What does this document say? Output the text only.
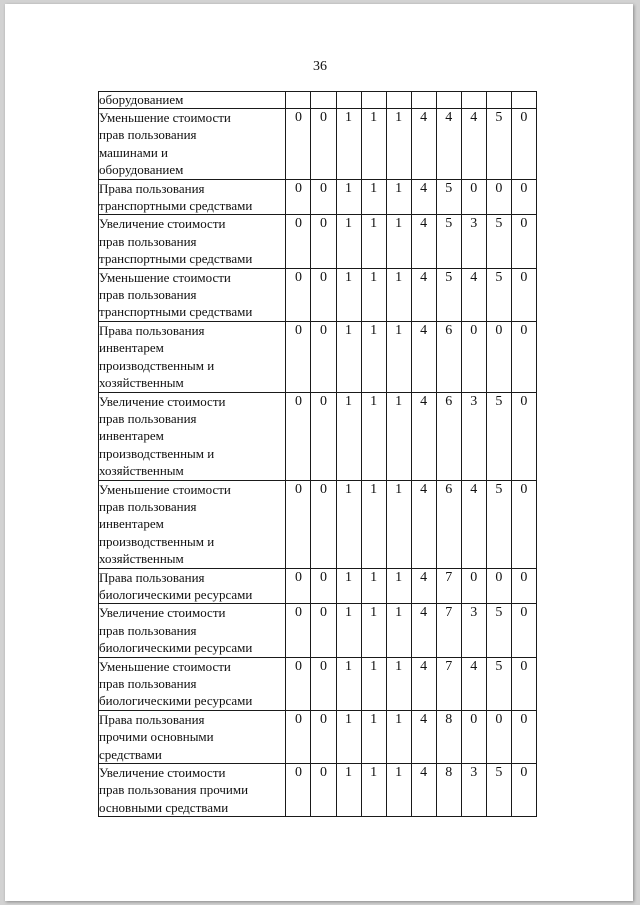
36
оборудованием										

Уменьшение стоимости
прав пользования
машинами и
оборудованием	0	0	1	1	1	4	4	4	5	0

Права пользования
транспортными средствами	0	0	1	1	1	4	5	0	0	0

Увеличение стоимости
прав пользования
транспортными средствами	0	0	1	1	1	4	5	3	5	0

Уменьшение стоимости
прав пользования
транспортными средствами	0	0	1	1	1	4	5	4	5	0

Права пользования
инвентарем
производственным и
хозяйственным	0	0	1	1	1	4	6	0	0	0

Увеличение стоимости
прав пользования
инвентарем
производственным и
хозяйственным	0	0	1	1	1	4	6	3	5	0

Уменьшение стоимости
прав пользования
инвентарем
производственным и
хозяйственным	0	0	1	1	1	4	6	4	5	0

Права пользования
биологическими ресурсами	0	0	1	1	1	4	7	0	0	0

Увеличение стоимости
прав пользования
биологическими ресурсами	0	0	1	1	1	4	7	3	5	0

Уменьшение стоимости
прав пользования
биологическими ресурсами	0	0	1	1	1	4	7	4	5	0

Права пользования
прочими основными
средствами	0	0	1	1	1	4	8	0	0	0

Увеличение стоимости
прав пользования прочими
основными средствами	0	0	1	1	1	4	8	3	5	0
